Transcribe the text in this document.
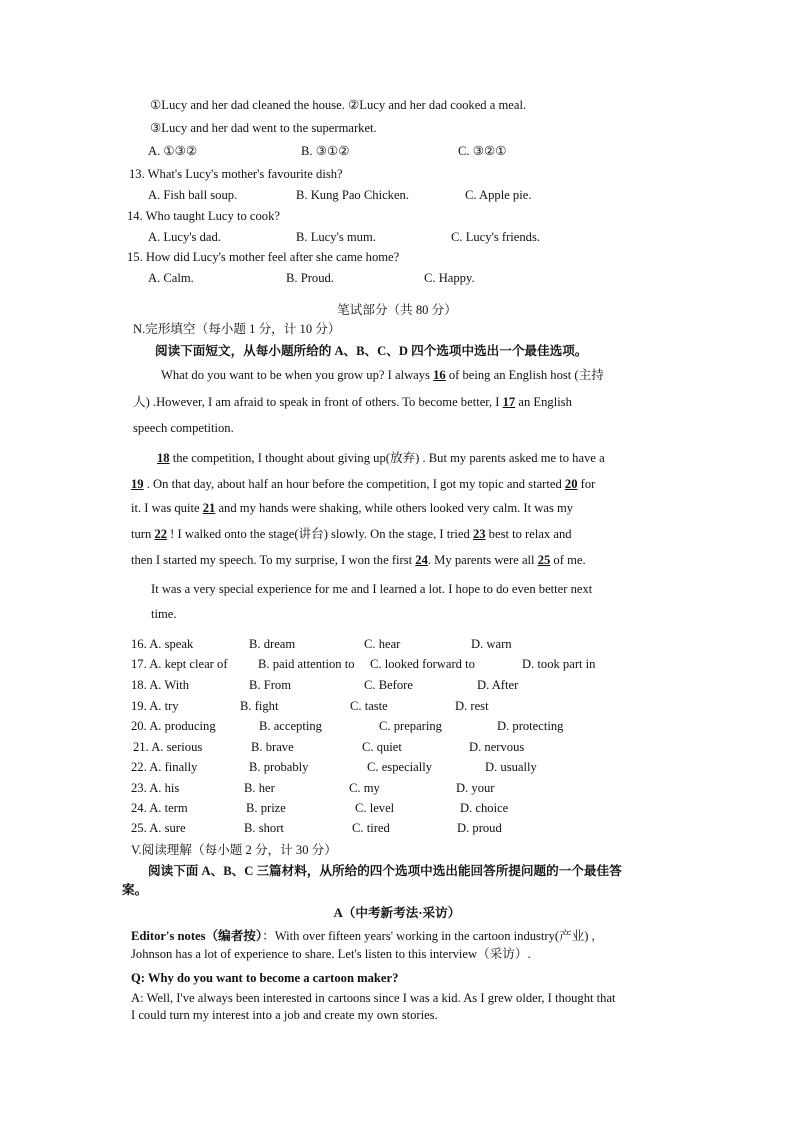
①Lucy and her dad cleaned the house. ②Lucy and her dad cooked a meal.
③Lucy and her dad went to the supermarket.
A. ①③②	B. ③①②	C. ③②①
13. What's Lucy's mother's favourite dish?
A. Fish ball soup.	B. Kung Pao Chicken.	C. Apple pie.
14. Who taught Lucy to cook?
A. Lucy's dad.	B. Lucy's mum.	C. Lucy's friends.
15. How did Lucy's mother feel after she came home?
A. Calm.	B. Proud.	C. Happy.
笔试部分（共 80 分）
N.完形填空（每小题 1 分，计 10 分）
阅读下面短文，从每小题所给的 A、B、C、D 四个选项中选出一个最佳选项。
What do you want to be when you grow up? I always 16 of being an English host (主持
人) .However, I am afraid to speak in front of others. To become better, I 17 an English
speech competition.
18 the competition, I thought about giving up(放弃) . But my parents asked me to have a
19 . On that day, about half an hour before the competition, I got my topic and started 20 for
it. I was quite 21 and my hands were shaking, while others looked very calm. It was my
turn 22 ! I walked onto the stage(讲台) slowly. On the stage, I tried 23 best to relax and
then I started my speech. To my surprise, I won the first 24. My parents were all 25 of me.
It was a very special experience for me and I learned a lot. I hope to do even better next
time.
16. A. speak	B. dream	C. hear	D. warn
17. A. kept clear of B. paid attention to C. looked forward to	D. took part in
18. A. With	B. From	C. Before	D. After
19. A. try	B. fight	C. taste	D. rest
20. A. producing	B. accepting	C. preparing	D. protecting
21. A. serious	B. brave	C. quiet	D. nervous
22. A. finally	B. probably	C. especially	D. usually
23. A. his	B. her	C. my	D. your
24. A. term	B. prize	C. level	D. choice
25. A. sure	B. short	C. tired	D. proud
V.阅读理解（每小题 2 分，计 30 分）
阅读下面 A、B、C 三篇材料，从所给的四个选项中选出能回答所提问题的一个最佳答
案。
A（中考新考法·采访）
Editor's notes（编者按）：With over fifteen years' working in the cartoon industry(产业) ,
Johnson has a lot of experience to share. Let's listen to this interview（采访）.
Q: Why do you want to become a cartoon maker?
A: Well, I've always been interested in cartoons since I was a kid. As I grew older, I thought that
I could turn my interest into a job and create my own stories.
